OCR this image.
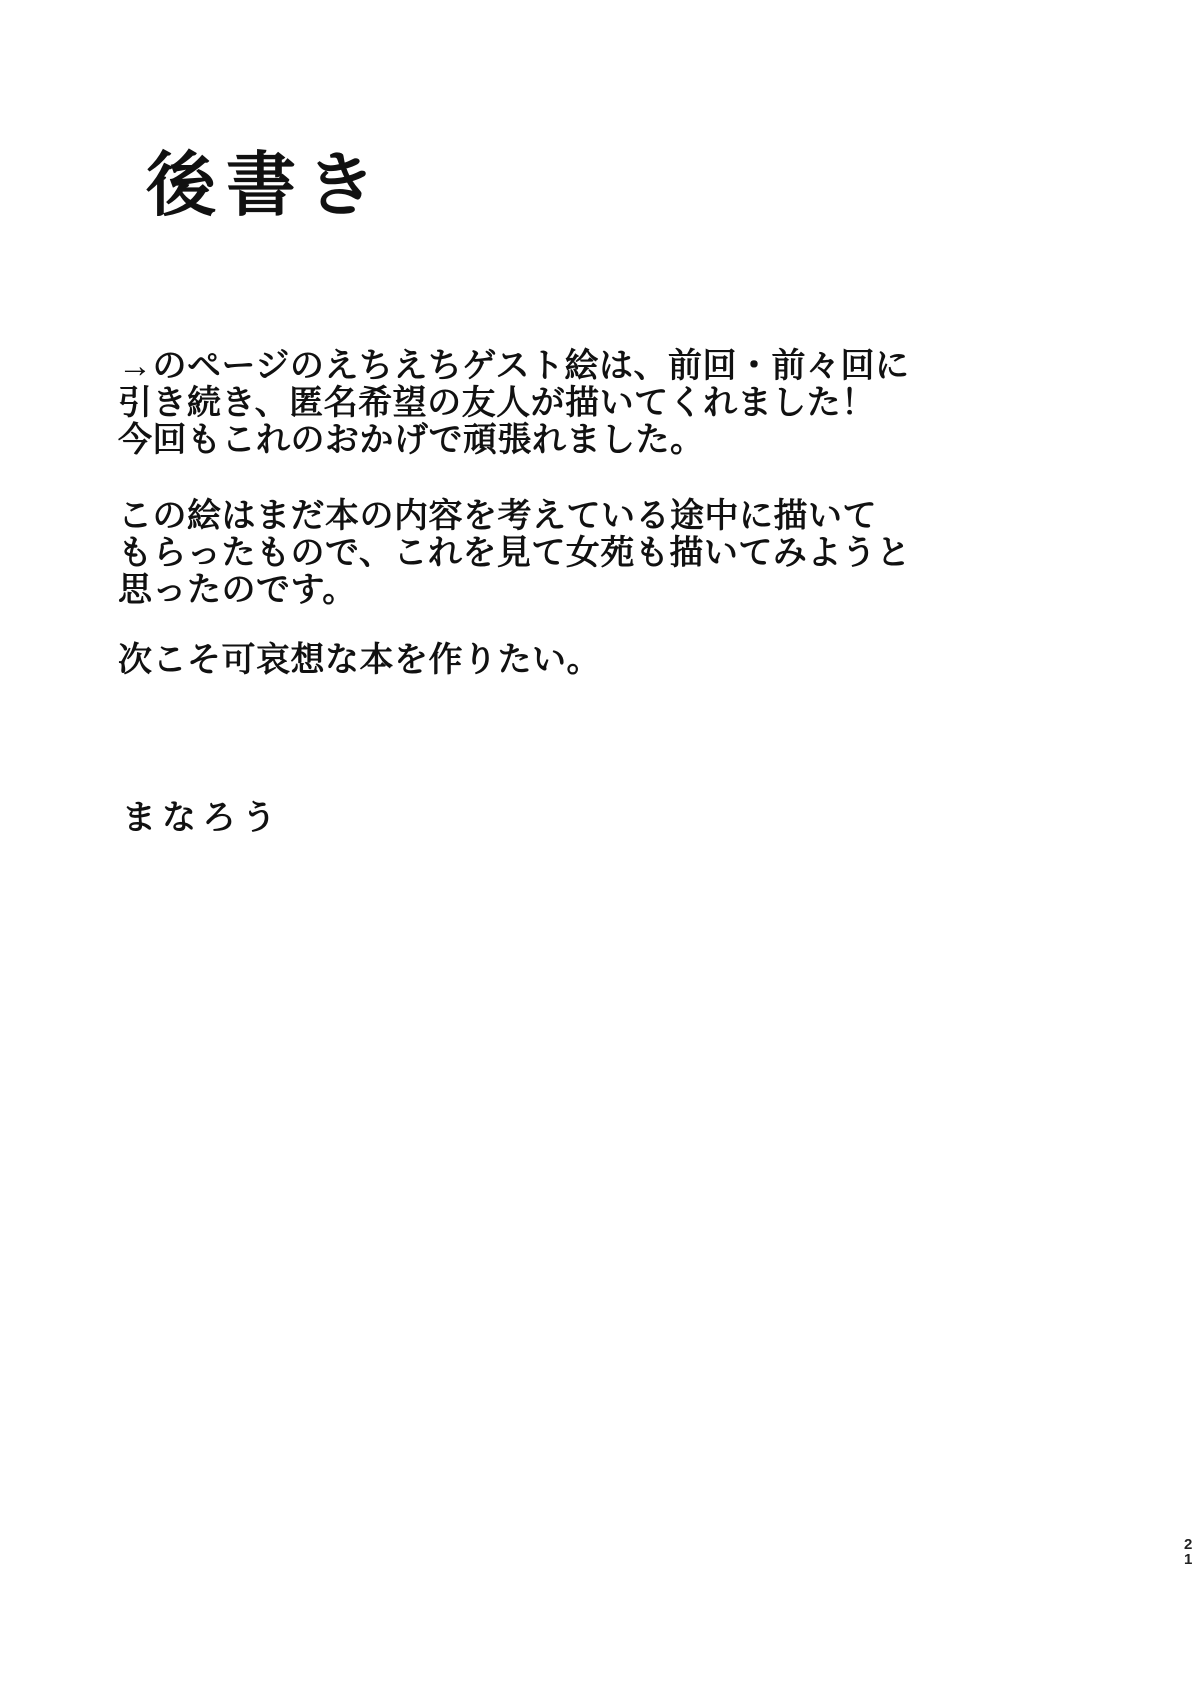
後書き
→のページのえちえちゲスト絵は、前回・前々回に
引き続き、匿名希望の友人が描いてくれました！
今回もこれのおかげで頑張れました。
この絵はまだ本の内容を考えている途中に描いて
もらったもので、これを見て女苑も描いてみようと
思ったのです。
次こそ可哀想な本を作りたい。
まなろう
2
1
